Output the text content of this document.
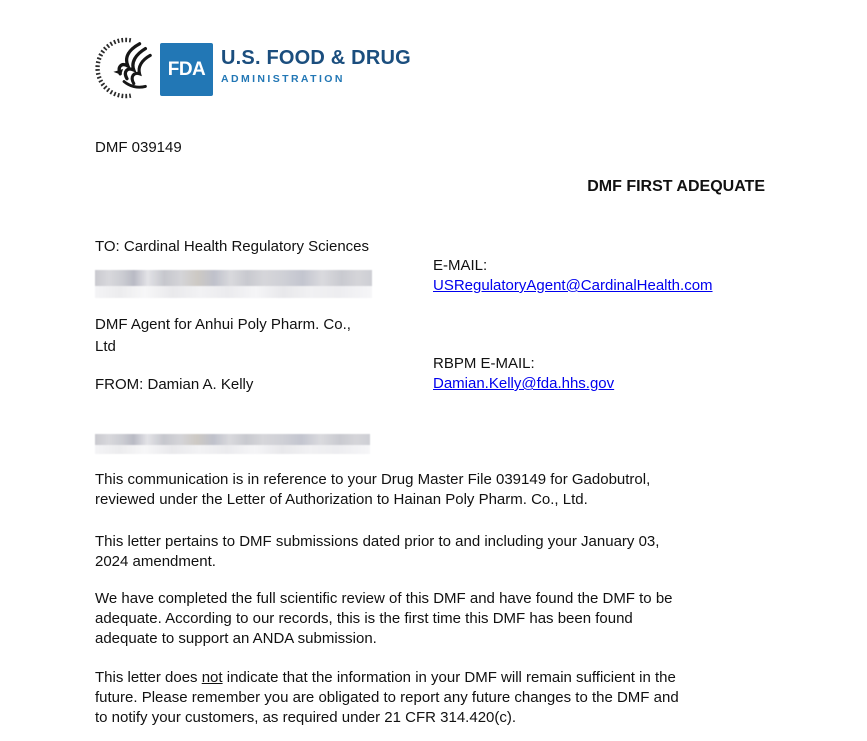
FDA U.S. FOOD & DRUG
ADMINISTRATION
DMF 039149
DMF FIRST ADEQUATE
TO: Cardinal Health Regulatory Sciences
E-MAIL:
USRegulatoryAgent@CardinalHealth.com
DMF Agent for Anhui Poly Pharm. Co.,
Ltd
RBPM E-MAIL:
Damian.Kelly@fda.hhs.gov
FROM: Damian A. Kelly
This communication is in reference to your Drug Master File 039149 for Gadobutrol,
reviewed under the Letter of Authorization to Hainan Poly Pharm. Co., Ltd.
This letter pertains to DMF submissions dated prior to and including your January 03,
2024 amendment.
We have completed the full scientific review of this DMF and have found the DMF to be
adequate. According to our records, this is the first time this DMF has been found
adequate to support an ANDA submission.
This letter does not indicate that the information in your DMF will remain sufficient in the
future. Please remember you are obligated to report any future changes to the DMF and
to notify your customers, as required under 21 CFR 314.420(c).
